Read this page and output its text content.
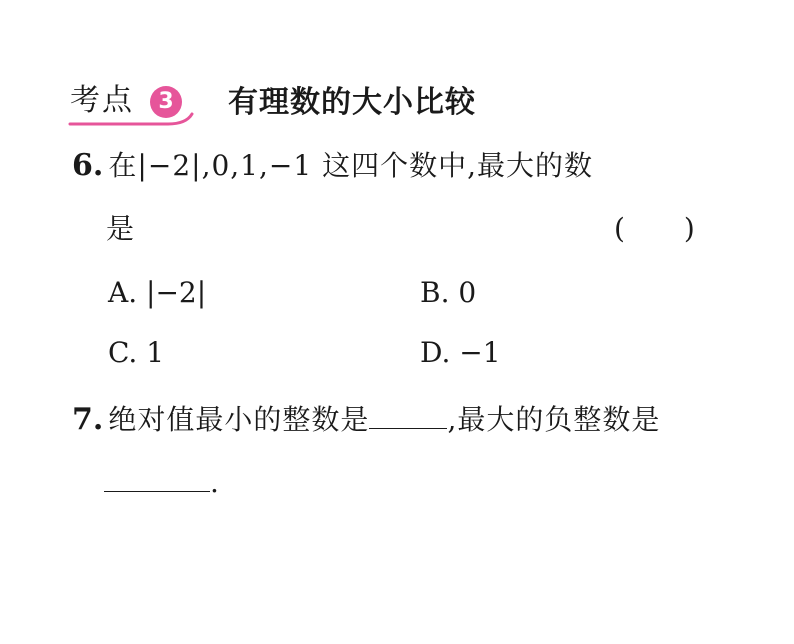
考点	3 有理数的大小比较
6. 在|−2|,0,1,−1 这四个数中,最大的数
是	(　　)
A. |−2|	B. 0
C. 1	D. −1
7. 绝对值最小的整数是	,最大的负整数是
.
